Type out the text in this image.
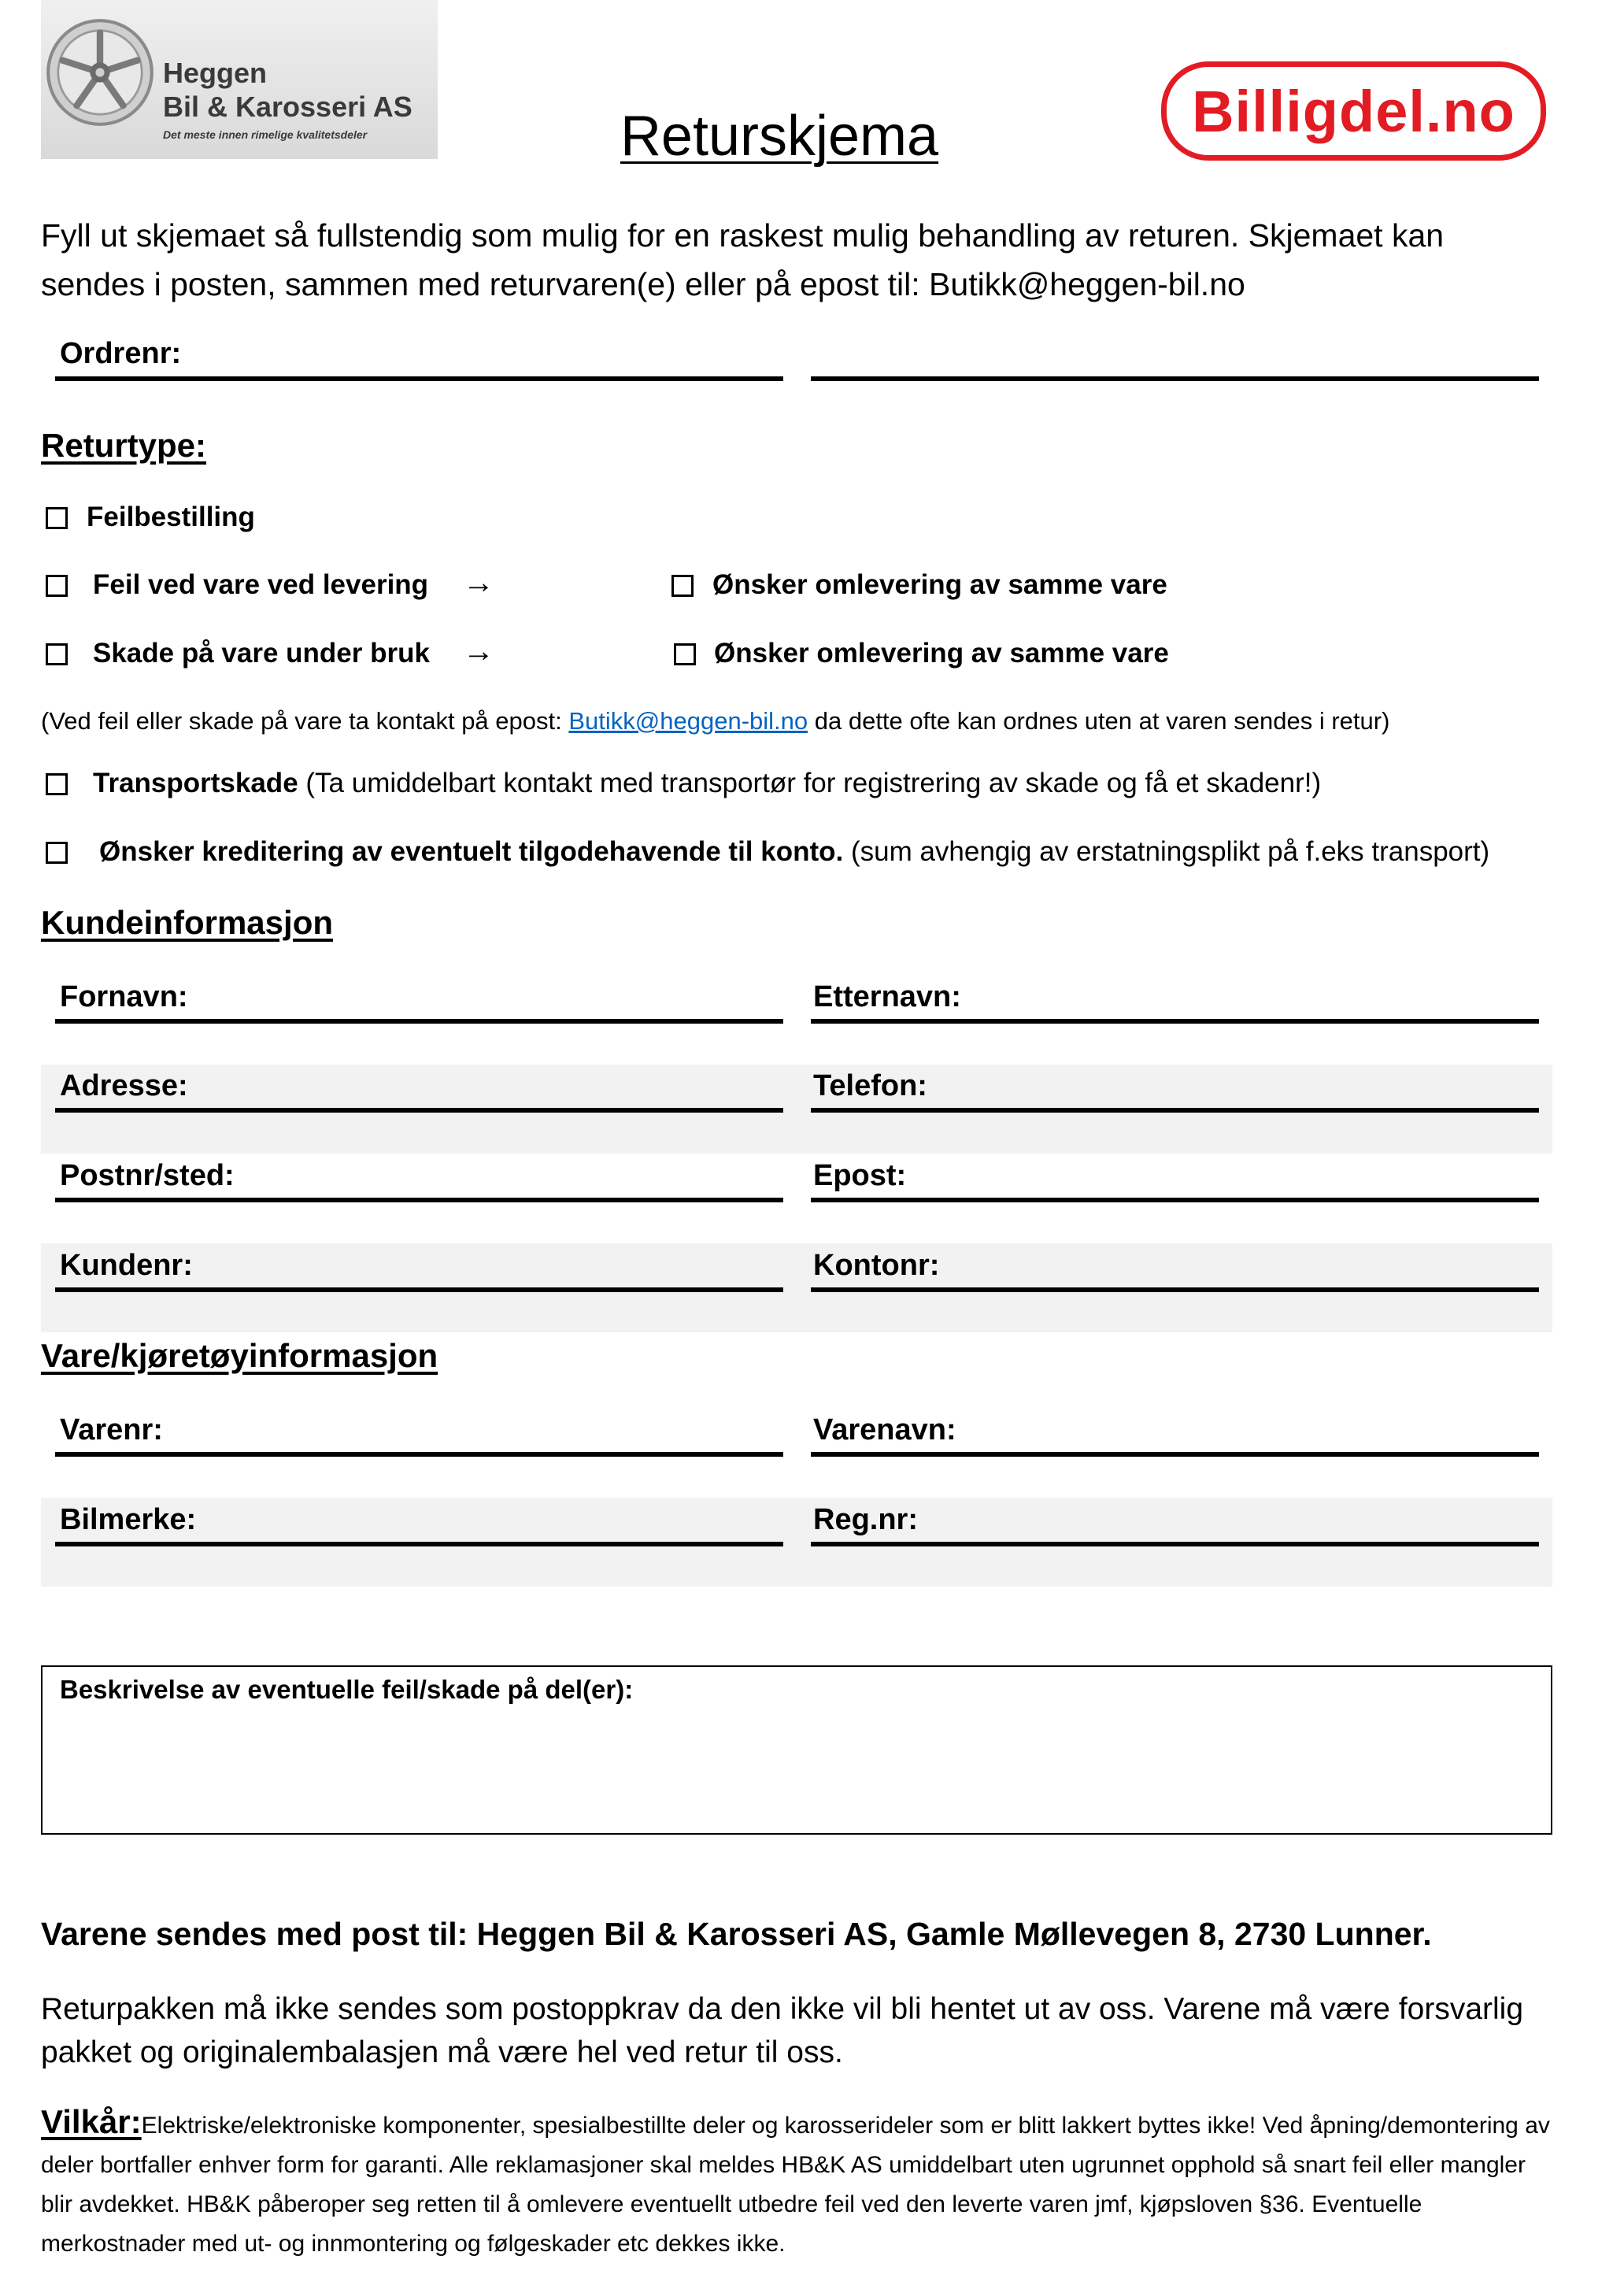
Heggen
Bil & Karosseri AS
Det meste innen rimelige kvalitetsdeler	Billigdel.no
Returskjema
Fyll ut skjemaet så fullstendig som mulig for en raskest mulig behandling av returen. Skjemaet kan sendes i posten, sammen med returvaren(e) eller på epost til: Butikk@heggen-bil.no
Ordrenr:
Returtype:
Feilbestilling
Feil ved vare ved levering →	Ønsker omlevering av samme vare
Skade på vare under bruk →	Ønsker omlevering av samme vare
(Ved feil eller skade på vare ta kontakt på epost: Butikk@heggen-bil.no da dette ofte kan ordnes uten at varen sendes i retur)
Transportskade (Ta umiddelbart kontakt med transportør for registrering av skade og få et skadenr!)
Ønsker kreditering av eventuelt tilgodehavende til konto. (sum avhengig av erstatningsplikt på f.eks transport)
Kundeinformasjon
Fornavn:	Etternavn:
Adresse:	Telefon:
Postnr/sted:	Epost:
Kundenr:	Kontonr:
Vare/kjøretøyinformasjon
Varenr:	Varenavn:
Bilmerke:	Reg.nr:
Beskrivelse av eventuelle feil/skade på del(er):
Varene sendes med post til: Heggen Bil & Karosseri AS, Gamle Møllevegen 8, 2730 Lunner.
Returpakken må ikke sendes som postoppkrav da den ikke vil bli hentet ut av oss. Varene må være forsvarlig pakket og originalembalasjen må være hel ved retur til oss.
Vilkår:Elektriske/elektroniske komponenter, spesialbestillte deler og karosserideler som er blitt lakkert byttes ikke! Ved åpning/demontering av deler bortfaller enhver form for garanti. Alle reklamasjoner skal meldes HB&K AS umiddelbart uten ugrunnet opphold så snart feil eller mangler blir avdekket. HB&K påberoper seg retten til å omlevere eventuellt utbedre feil ved den leverte varen jmf, kjøpsloven §36. Eventuelle merkostnader med ut- og innmontering og følgeskader etc dekkes ikke.
